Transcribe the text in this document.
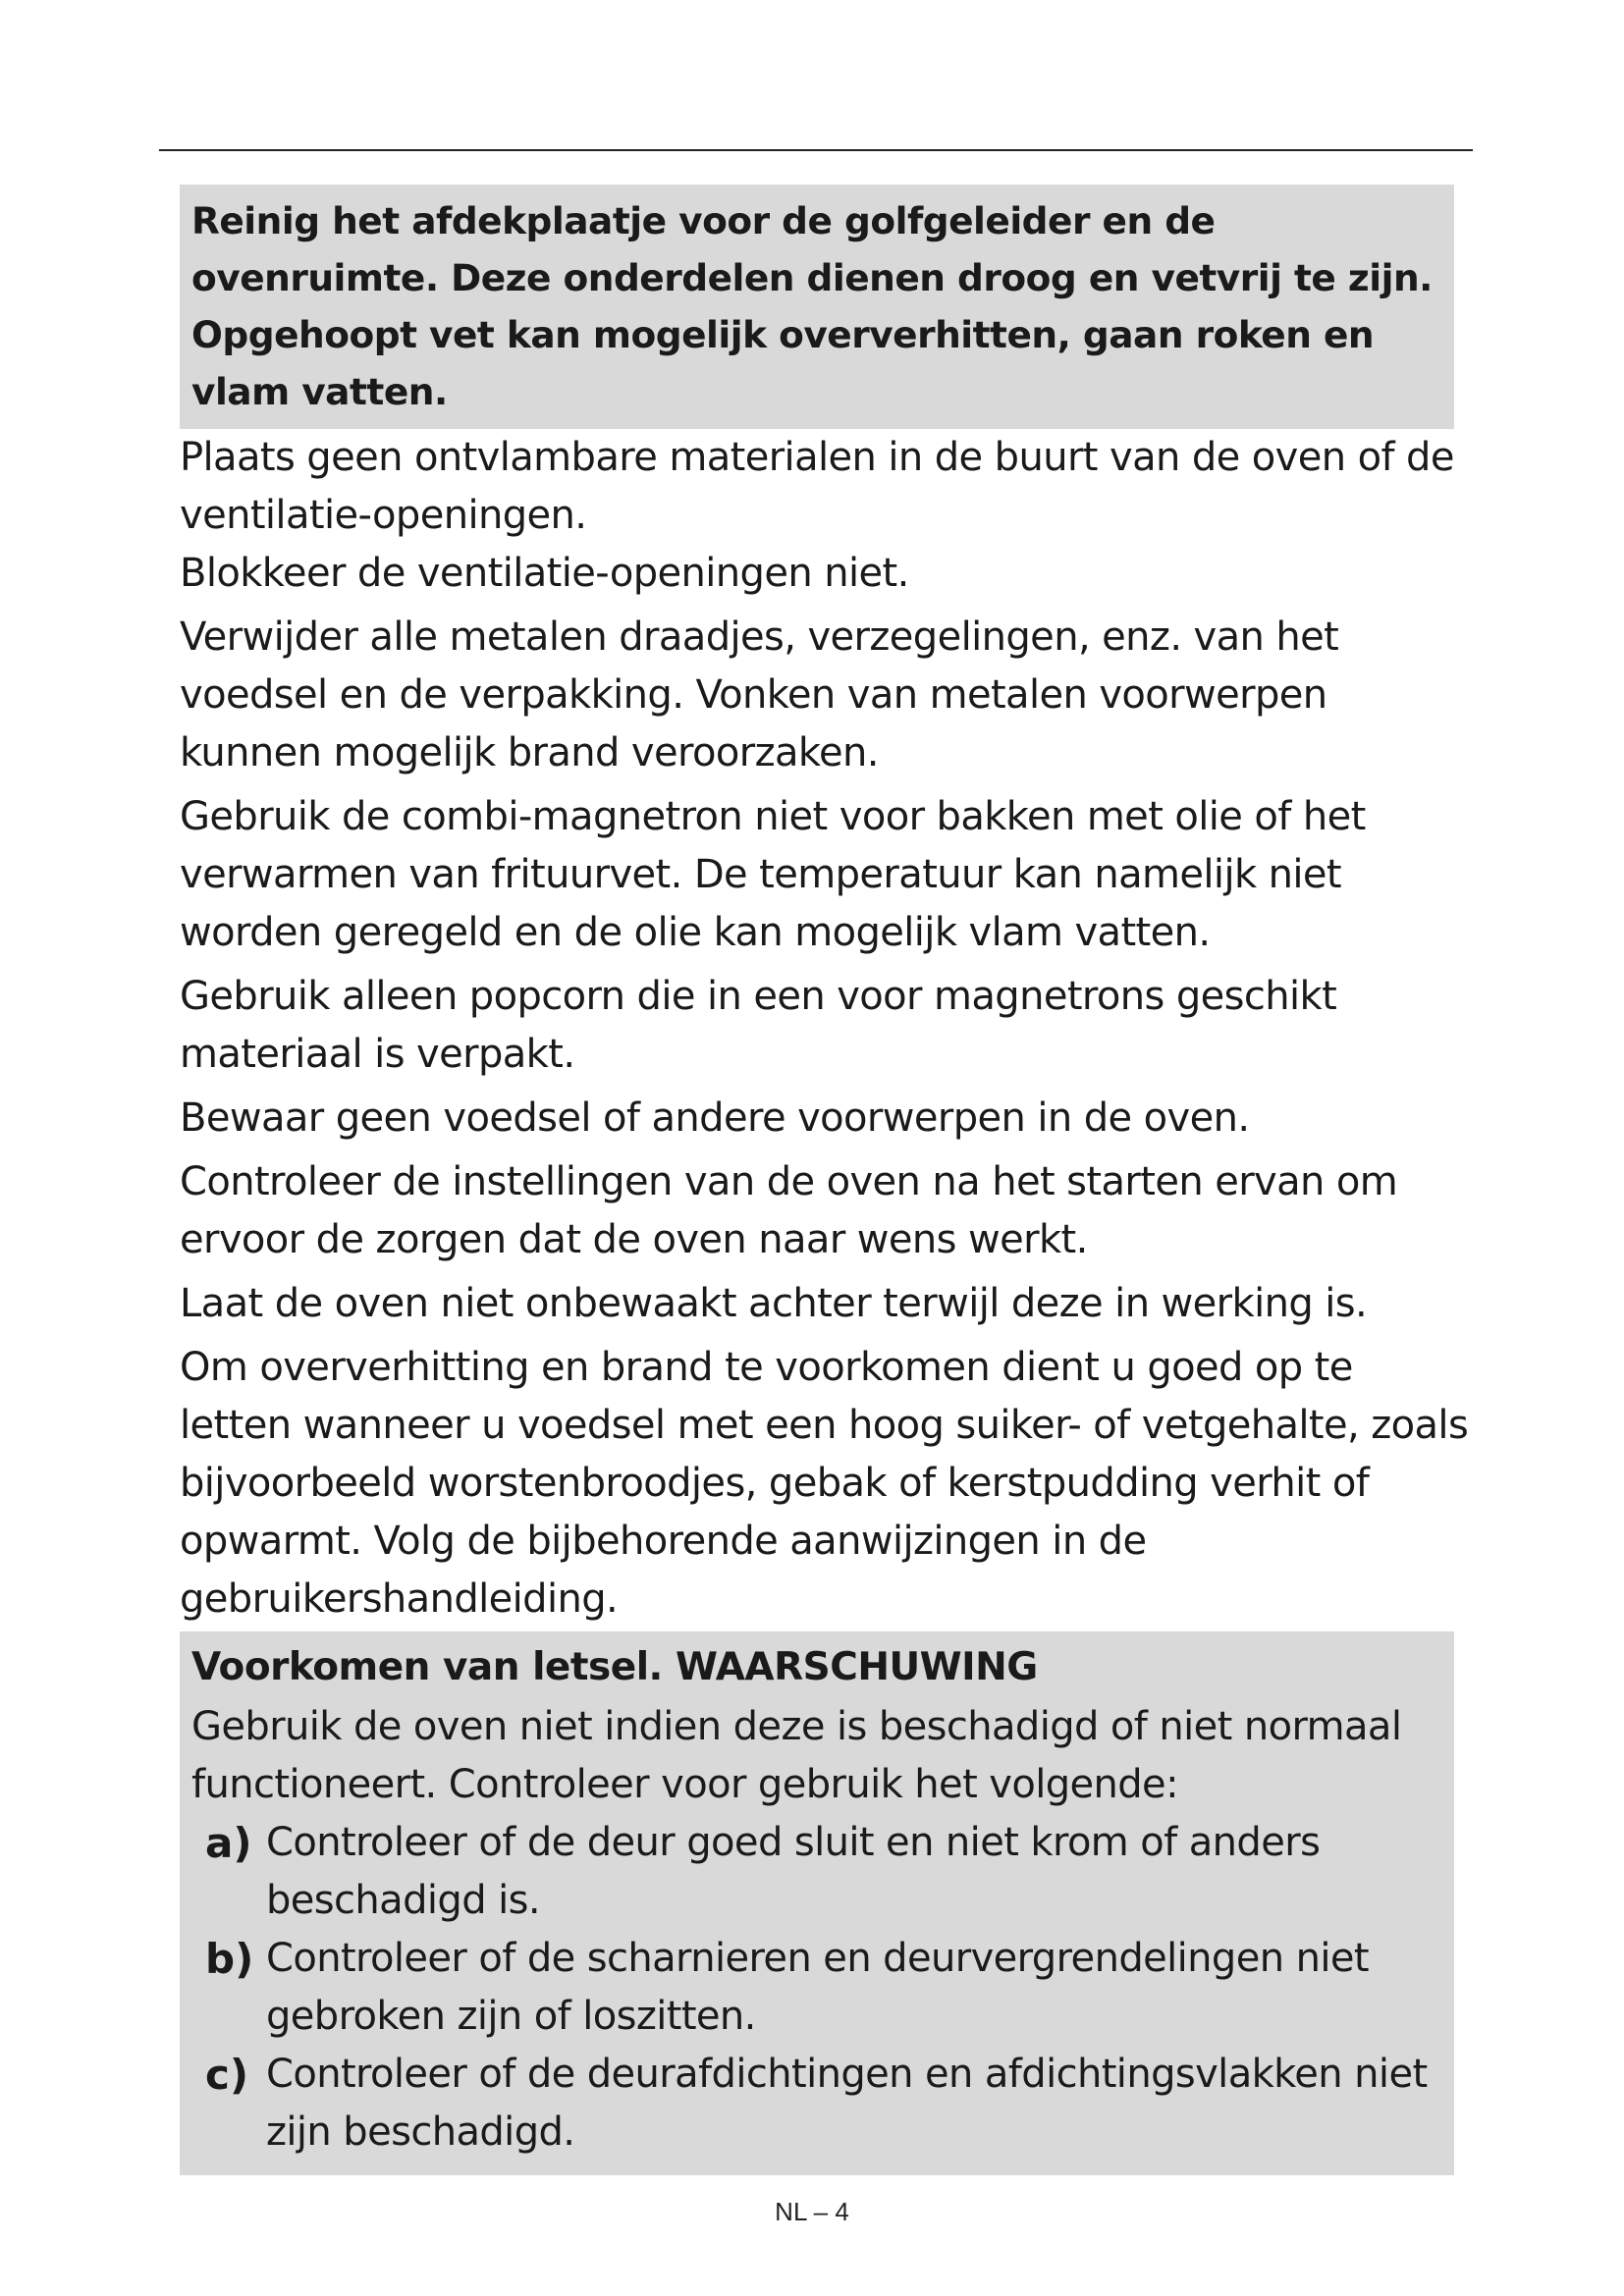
Reinig het afdekplaatje voor de golfgeleider en de ovenruimte. Deze onderdelen dienen droog en vetvrij te zijn. Opgehoopt vet kan mogelijk oververhitten, gaan roken en vlam vatten.

Plaats geen ontvlambare materialen in de buurt van de oven of de ventilatie-openingen.

Blokkeer de ventilatie-openingen niet.

Verwijder alle metalen draadjes, verzegelingen, enz. van het voedsel en de verpakking. Vonken van metalen voorwerpen kunnen mogelijk brand veroorzaken.

Gebruik de combi-magnetron niet voor bakken met olie of het verwarmen van frituurvet. De temperatuur kan namelijk niet worden geregeld en de olie kan mogelijk vlam vatten.

Gebruik alleen popcorn die in een voor magnetrons geschikt materiaal is verpakt.

Bewaar geen voedsel of andere voorwerpen in de oven.

Controleer de instellingen van de oven na het starten ervan om ervoor de zorgen dat de oven naar wens werkt.

Laat de oven niet onbewaakt achter terwijl deze in werking is.

Om oververhitting en brand te voorkomen dient u goed op te letten wanneer u voedsel met een hoog suiker- of vetgehalte, zoals bijvoorbeeld worstenbroodjes, gebak of kerstpudding verhit of opwarmt. Volg de bijbehorende aanwijzingen in de gebruikershandleiding.

Voorkomen van letsel. WAARSCHUWING

Gebruik de oven niet indien deze is beschadigd of niet normaal functioneert. Controleer voor gebruik het volgende:

a) Controleer of de deur goed sluit en niet krom of anders beschadigd is.
b) Controleer of de scharnieren en deurvergrendelingen niet gebroken zijn of loszitten.
c) Controleer of de deurafdichtingen en afdichtingsvlakken niet zijn beschadigd.
NL – 4
